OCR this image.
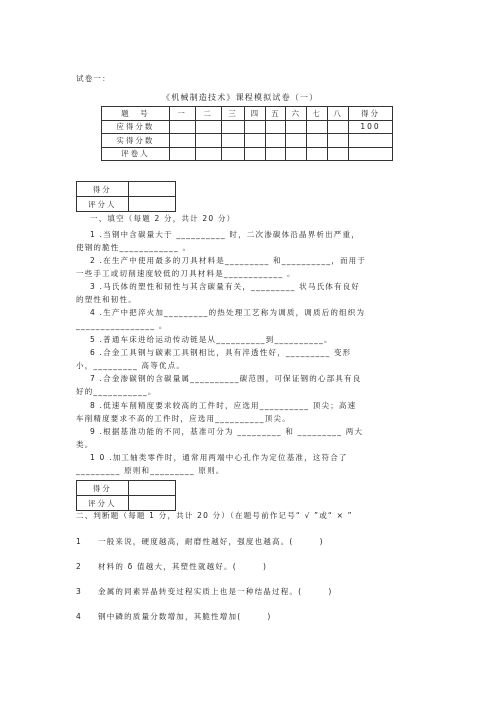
试卷一：
《机械制造技术》课程模拟试卷（一）
题　号	一	二	三	四	五	六	七	八	得分
应得分数									100
实得分数									
评卷人									
得分	
评分人	
一、填空（每题 2 分，共计 20 分）
1 .当钢中含碳量大于 __________ 时，二次渗碳体沿晶界析出严重，
使钢的脆性____________ 。
2 .在生产中使用最多的刀具材料是_________ 和__________，而用于
一些手工或切削速度较低的刀具材料是____________ 。
3 .马氏体的塑性和韧性与其含碳量有关，_________ 状马氏体有良好
的塑性和韧性。
4 .生产中把淬火加_________的热处理工艺称为调质，调质后的组织为
________________ 。
5 .普通车床进给运动传动链是从__________到__________。
6 .合金工具钢与碳素工具钢相比，具有淬透性好，_________ 变形
小，_________ 高等优点。
7 .合金渗碳钢的含碳量属__________碳范围，可保证钢的心部具有良
好的___________。
8 .低速车削精度要求较高的工件时，应选用__________ 顶尖；高速
车削精度要求不高的工件时，应选用__________顶尖。
9 .根据基准功能的不同，基准可分为 _________ 和 _________ 两大
类。
1 0 .加工轴类零件时，通常用两端中心孔作为定位基准，这符合了
_________ 原则和_________ 原则。
得分	
评分人	
二、判断题（每题 1 分，共计 20 分）（在题号前作记号“ √ ”或“ × ”
1 一般来说，硬度越高，耐磨性越好，强度也越高。(　　　)
2 材料的 δ 值越大，其塑性就越好。(　　　)
3 金属的同素异晶转变过程实质上也是一种结晶过程。(　　　)
4 钢中磷的质量分数增加，其脆性增加(　　　)
